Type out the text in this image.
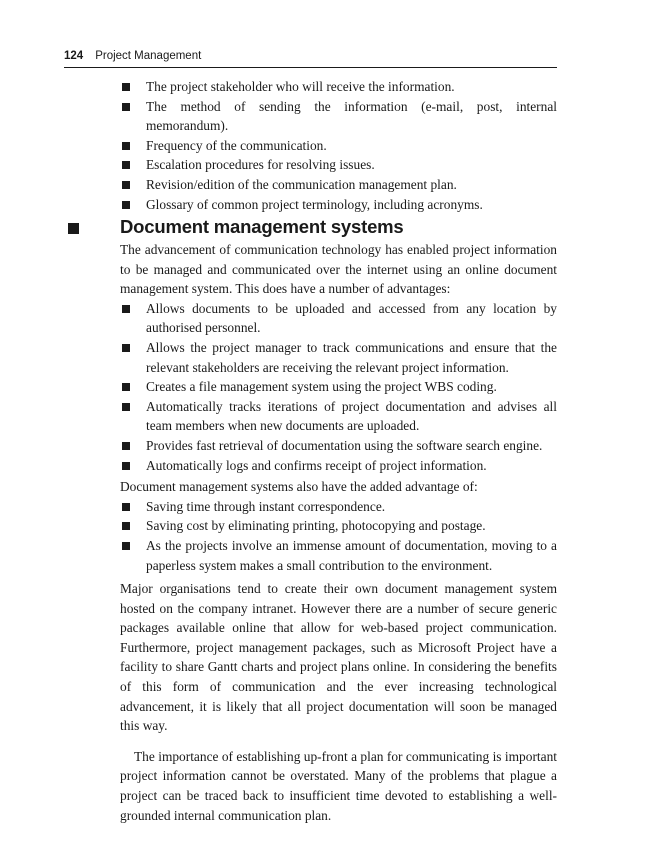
124 Project Management
The project stakeholder who will receive the information.
The method of sending the information (e-mail, post, internal memorandum).
Frequency of the communication.
Escalation procedures for resolving issues.
Revision/edition of the communication management plan.
Glossary of common project terminology, including acronyms.
Document management systems

The advancement of communication technology has enabled project information to be managed and communicated over the internet using an online document management system. This does have a number of advantages:

Allows documents to be uploaded and accessed from any location by authorised personnel.
Allows the project manager to track communications and ensure that the relevant stakeholders are receiving the relevant project information.
Creates a file management system using the project WBS coding.
Automatically tracks iterations of project documentation and advises all team members when new documents are uploaded.
Provides fast retrieval of documentation using the software search engine.
Automatically logs and confirms receipt of project information.

Document management systems also have the added advantage of:

Saving time through instant correspondence.
Saving cost by eliminating printing, photocopying and postage.
As the projects involve an immense amount of documentation, moving to a paperless system makes a small contribution to the environment.

Major organisations tend to create their own document management system hosted on the company intranet. However there are a number of secure generic packages available online that allow for web-based project communication. Furthermore, project management packages, such as Microsoft Project have a facility to share Gantt charts and project plans online. In considering the benefits of this form of communication and the ever increasing technological advancement, it is likely that all project documentation will soon be managed this way.

The importance of establishing up-front a plan for communicating is important project information cannot be overstated. Many of the problems that plague a project can be traced back to insufficient time devoted to establishing a well-grounded internal communication plan.
